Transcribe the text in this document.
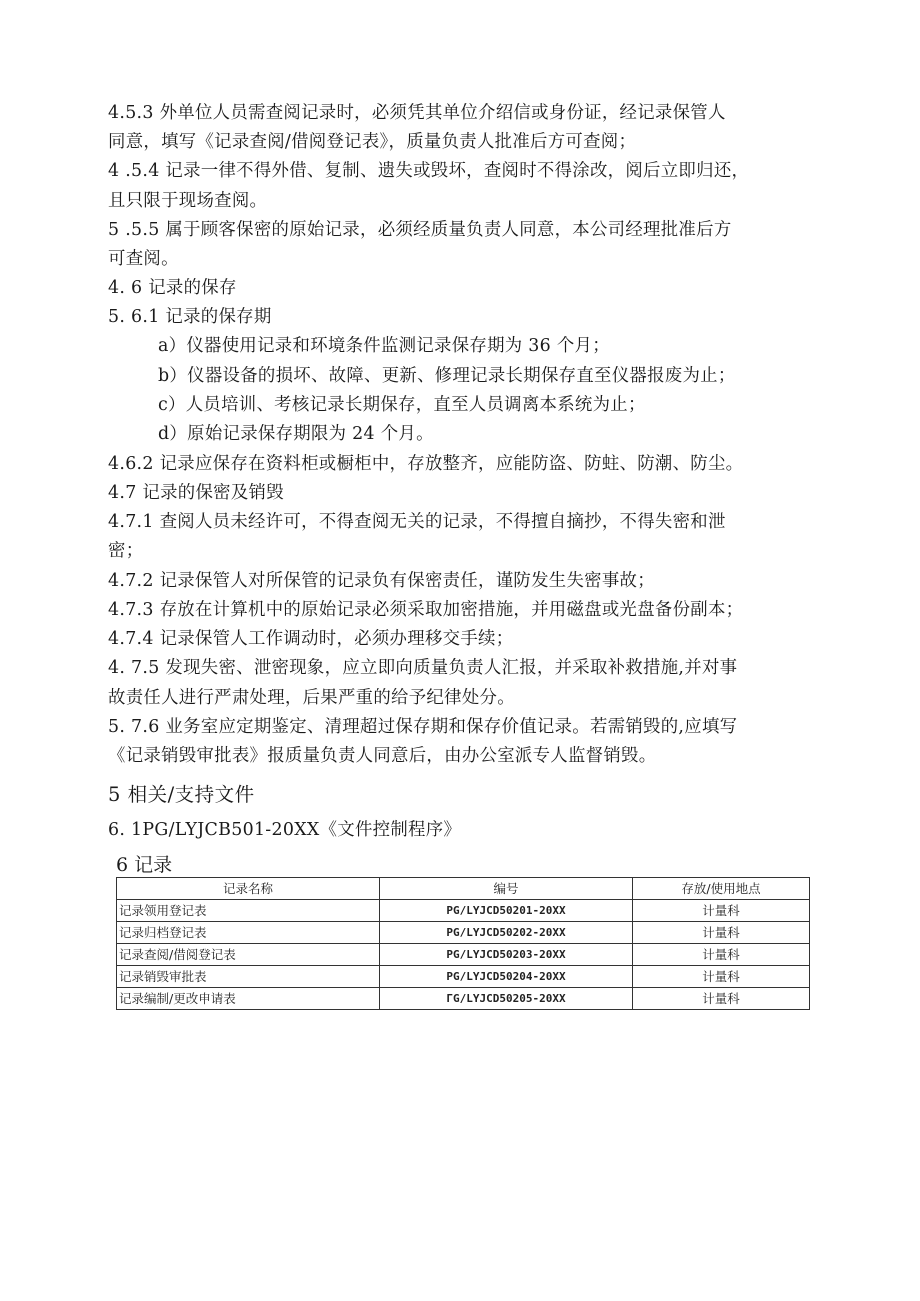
4.5.3 外单位人员需查阅记录时，必须凭其单位介绍信或身份证，经记录保管人
同意，填写《记录查阅/借阅登记表》，质量负责人批准后方可查阅；
4 .5.4 记录一律不得外借、复制、遗失或毁坏，查阅时不得涂改，阅后立即归还，
且只限于现场查阅。
5 .5.5 属于顾客保密的原始记录，必须经质量负责人同意，本公司经理批准后方
可查阅。
4. 6 记录的保存
5. 6.1 记录的保存期
a）仪器使用记录和环境条件监测记录保存期为 36 个月；
b）仪器设备的损坏、故障、更新、修理记录长期保存直至仪器报废为止；
c）人员培训、考核记录长期保存，直至人员调离本系统为止；
d）原始记录保存期限为 24 个月。
4.6.2 记录应保存在资料柜或橱柜中，存放整齐，应能防盗、防蛀、防潮、防尘。
4.7 记录的保密及销毁
4.7.1 查阅人员未经许可，不得查阅无关的记录，不得擅自摘抄，不得失密和泄
密；
4.7.2 记录保管人对所保管的记录负有保密责任，谨防发生失密事故；
4.7.3 存放在计算机中的原始记录必须采取加密措施，并用磁盘或光盘备份副本；
4.7.4 记录保管人工作调动时，必须办理移交手续；
4. 7.5 发现失密、泄密现象，应立即向质量负责人汇报，并采取补救措施,并对事
故责任人进行严肃处理，后果严重的给予纪律处分。
5. 7.6 业务室应定期鉴定、清理超过保存期和保存价值记录。若需销毁的,应填写
《记录销毁审批表》报质量负责人同意后，由办公室派专人监督销毁。
5 相关/支持文件
6. 1PG/LYJCB501-20XX《文件控制程序》
6 记录
记录名称	编号	存放/使用地点
记录领用登记表	PG/LYJCD50201-20XX	计量科
记录归档登记表	PG/LYJCD50202-20XX	计量科
记录查阅/借阅登记表	PG/LYJCD50203-20XX	计量科
记录销毁审批表	PG/LYJCD50204-20XX	计量科
记录编制/更改申请表	ΓG∕LYJCD50205-20XX	计量科
